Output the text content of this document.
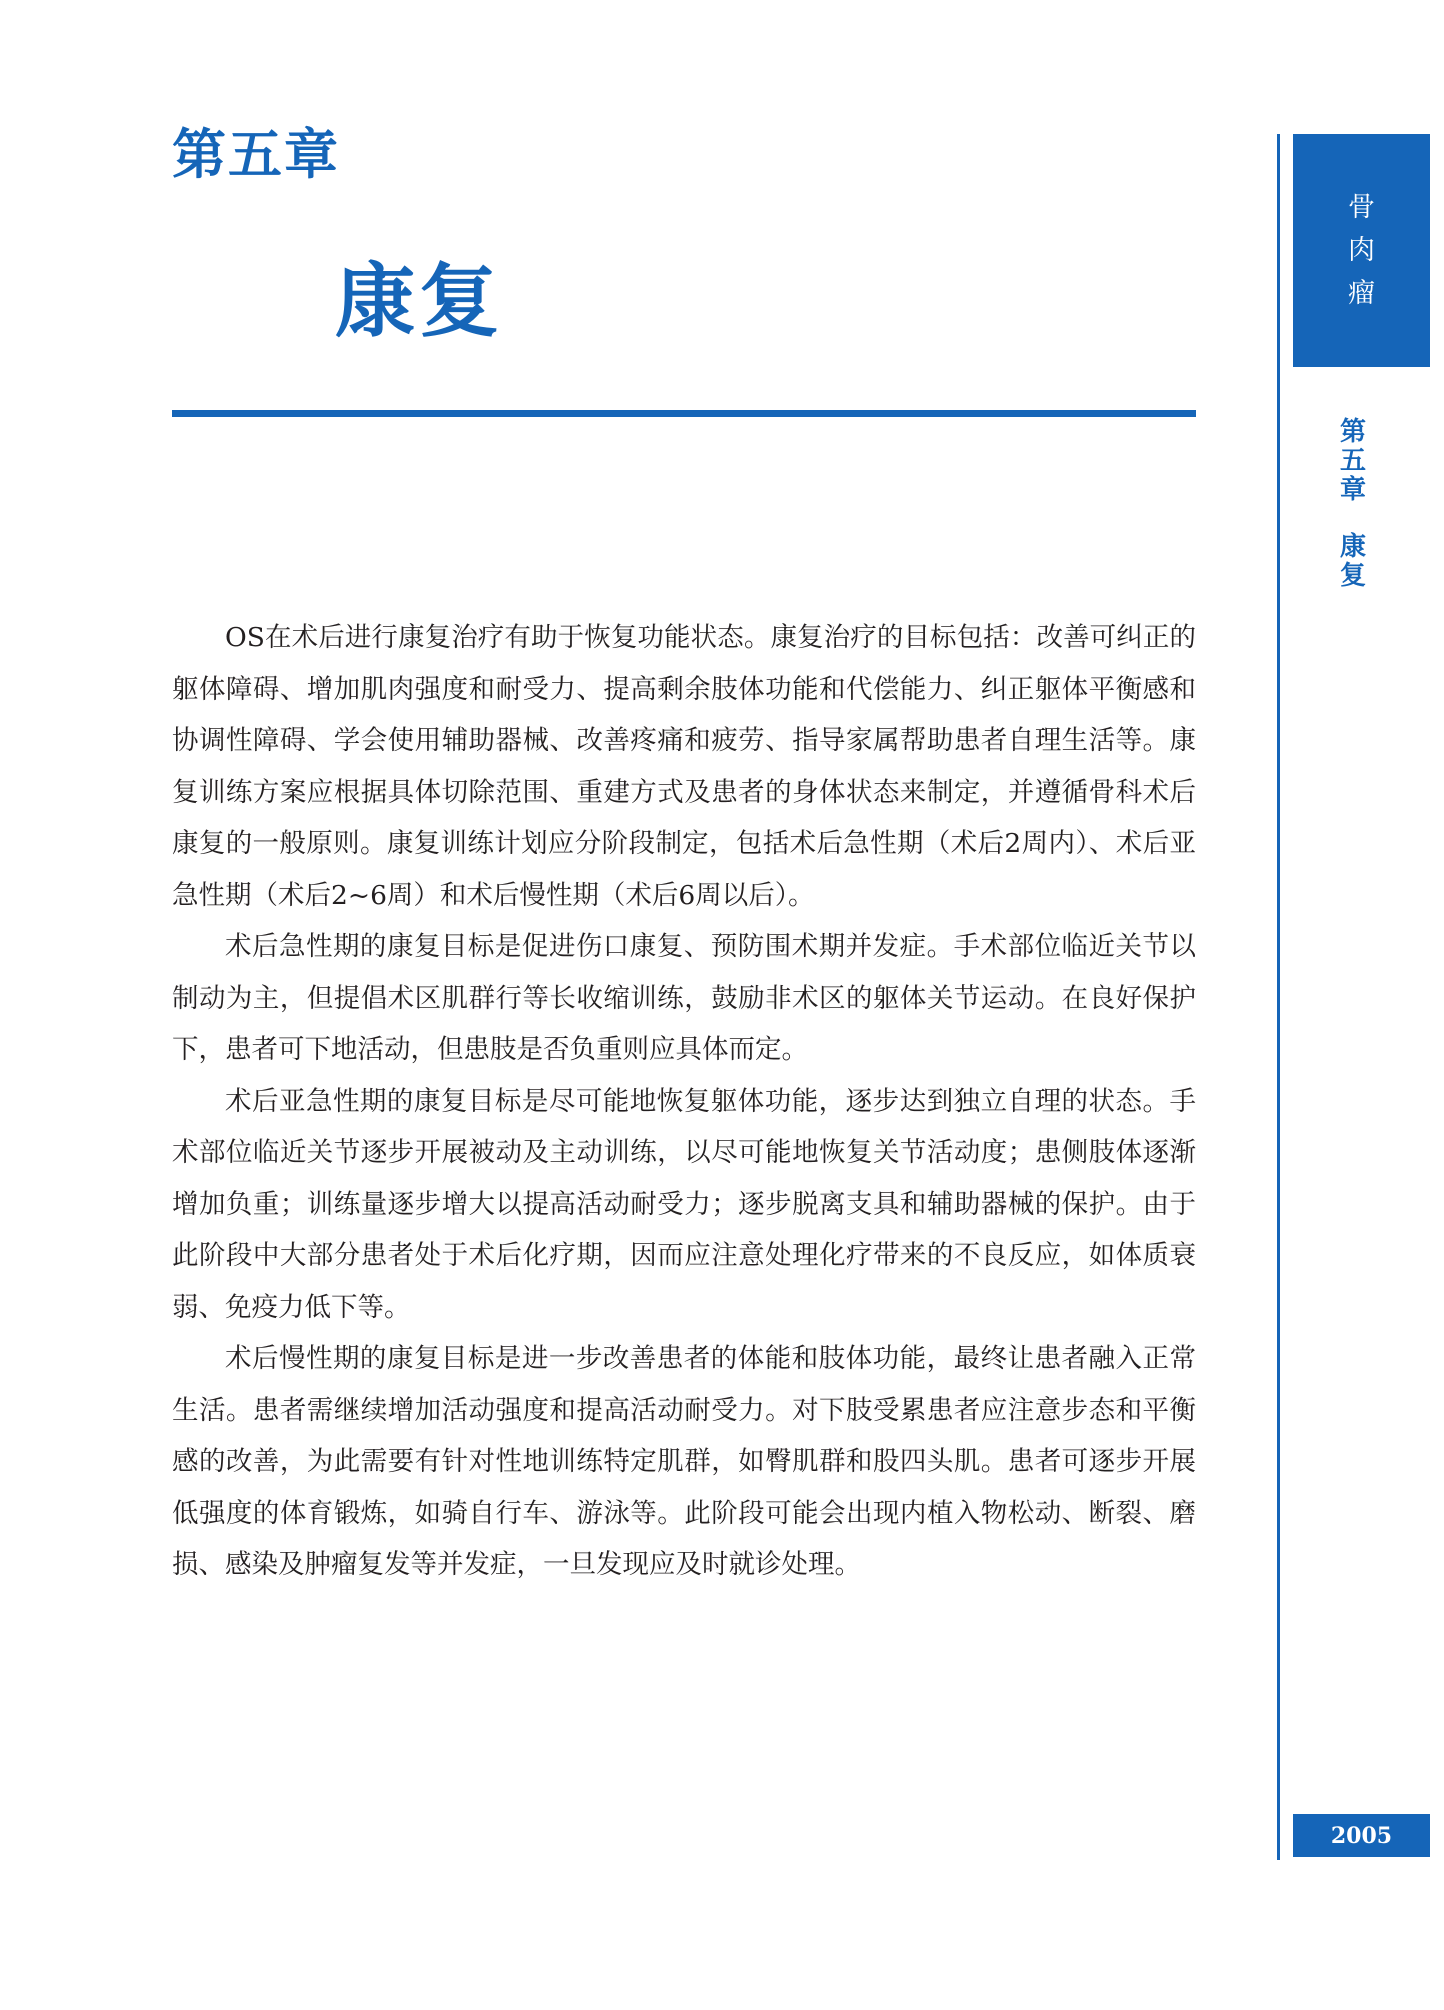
第五章
康复

OS在术后进行康复治疗有助于恢复功能状态。康复治疗的目标包括：改善可纠正的躯体障碍、增加肌肉强度和耐受力、提高剩余肢体功能和代偿能力、纠正躯体平衡感和协调性障碍、学会使用辅助器械、改善疼痛和疲劳、指导家属帮助患者自理生活等。康复训练方案应根据具体切除范围、重建方式及患者的身体状态来制定，并遵循骨科术后康复的一般原则。康复训练计划应分阶段制定，包括术后急性期（术后2周内）、术后亚急性期（术后2~6周）和术后慢性期（术后6周以后）。

术后急性期的康复目标是促进伤口康复、预防围术期并发症。手术部位临近关节以制动为主，但提倡术区肌群行等长收缩训练，鼓励非术区的躯体关节运动。在良好保护下，患者可下地活动，但患肢是否负重则应具体而定。

术后亚急性期的康复目标是尽可能地恢复躯体功能，逐步达到独立自理的状态。手术部位临近关节逐步开展被动及主动训练，以尽可能地恢复关节活动度；患侧肢体逐渐增加负重；训练量逐步增大以提高活动耐受力；逐步脱离支具和辅助器械的保护。由于此阶段中大部分患者处于术后化疗期，因而应注意处理化疗带来的不良反应，如体质衰弱、免疫力低下等。

术后慢性期的康复目标是进一步改善患者的体能和肢体功能，最终让患者融入正常生活。患者需继续增加活动强度和提高活动耐受力。对下肢受累患者应注意步态和平衡感的改善，为此需要有针对性地训练特定肌群，如臀肌群和股四头肌。患者可逐步开展低强度的体育锻炼，如骑自行车、游泳等。此阶段可能会出现内植入物松动、断裂、磨损、感染及肿瘤复发等并发症，一旦发现应及时就诊处理。

骨肉瘤
第
五
章
康
复
2005
